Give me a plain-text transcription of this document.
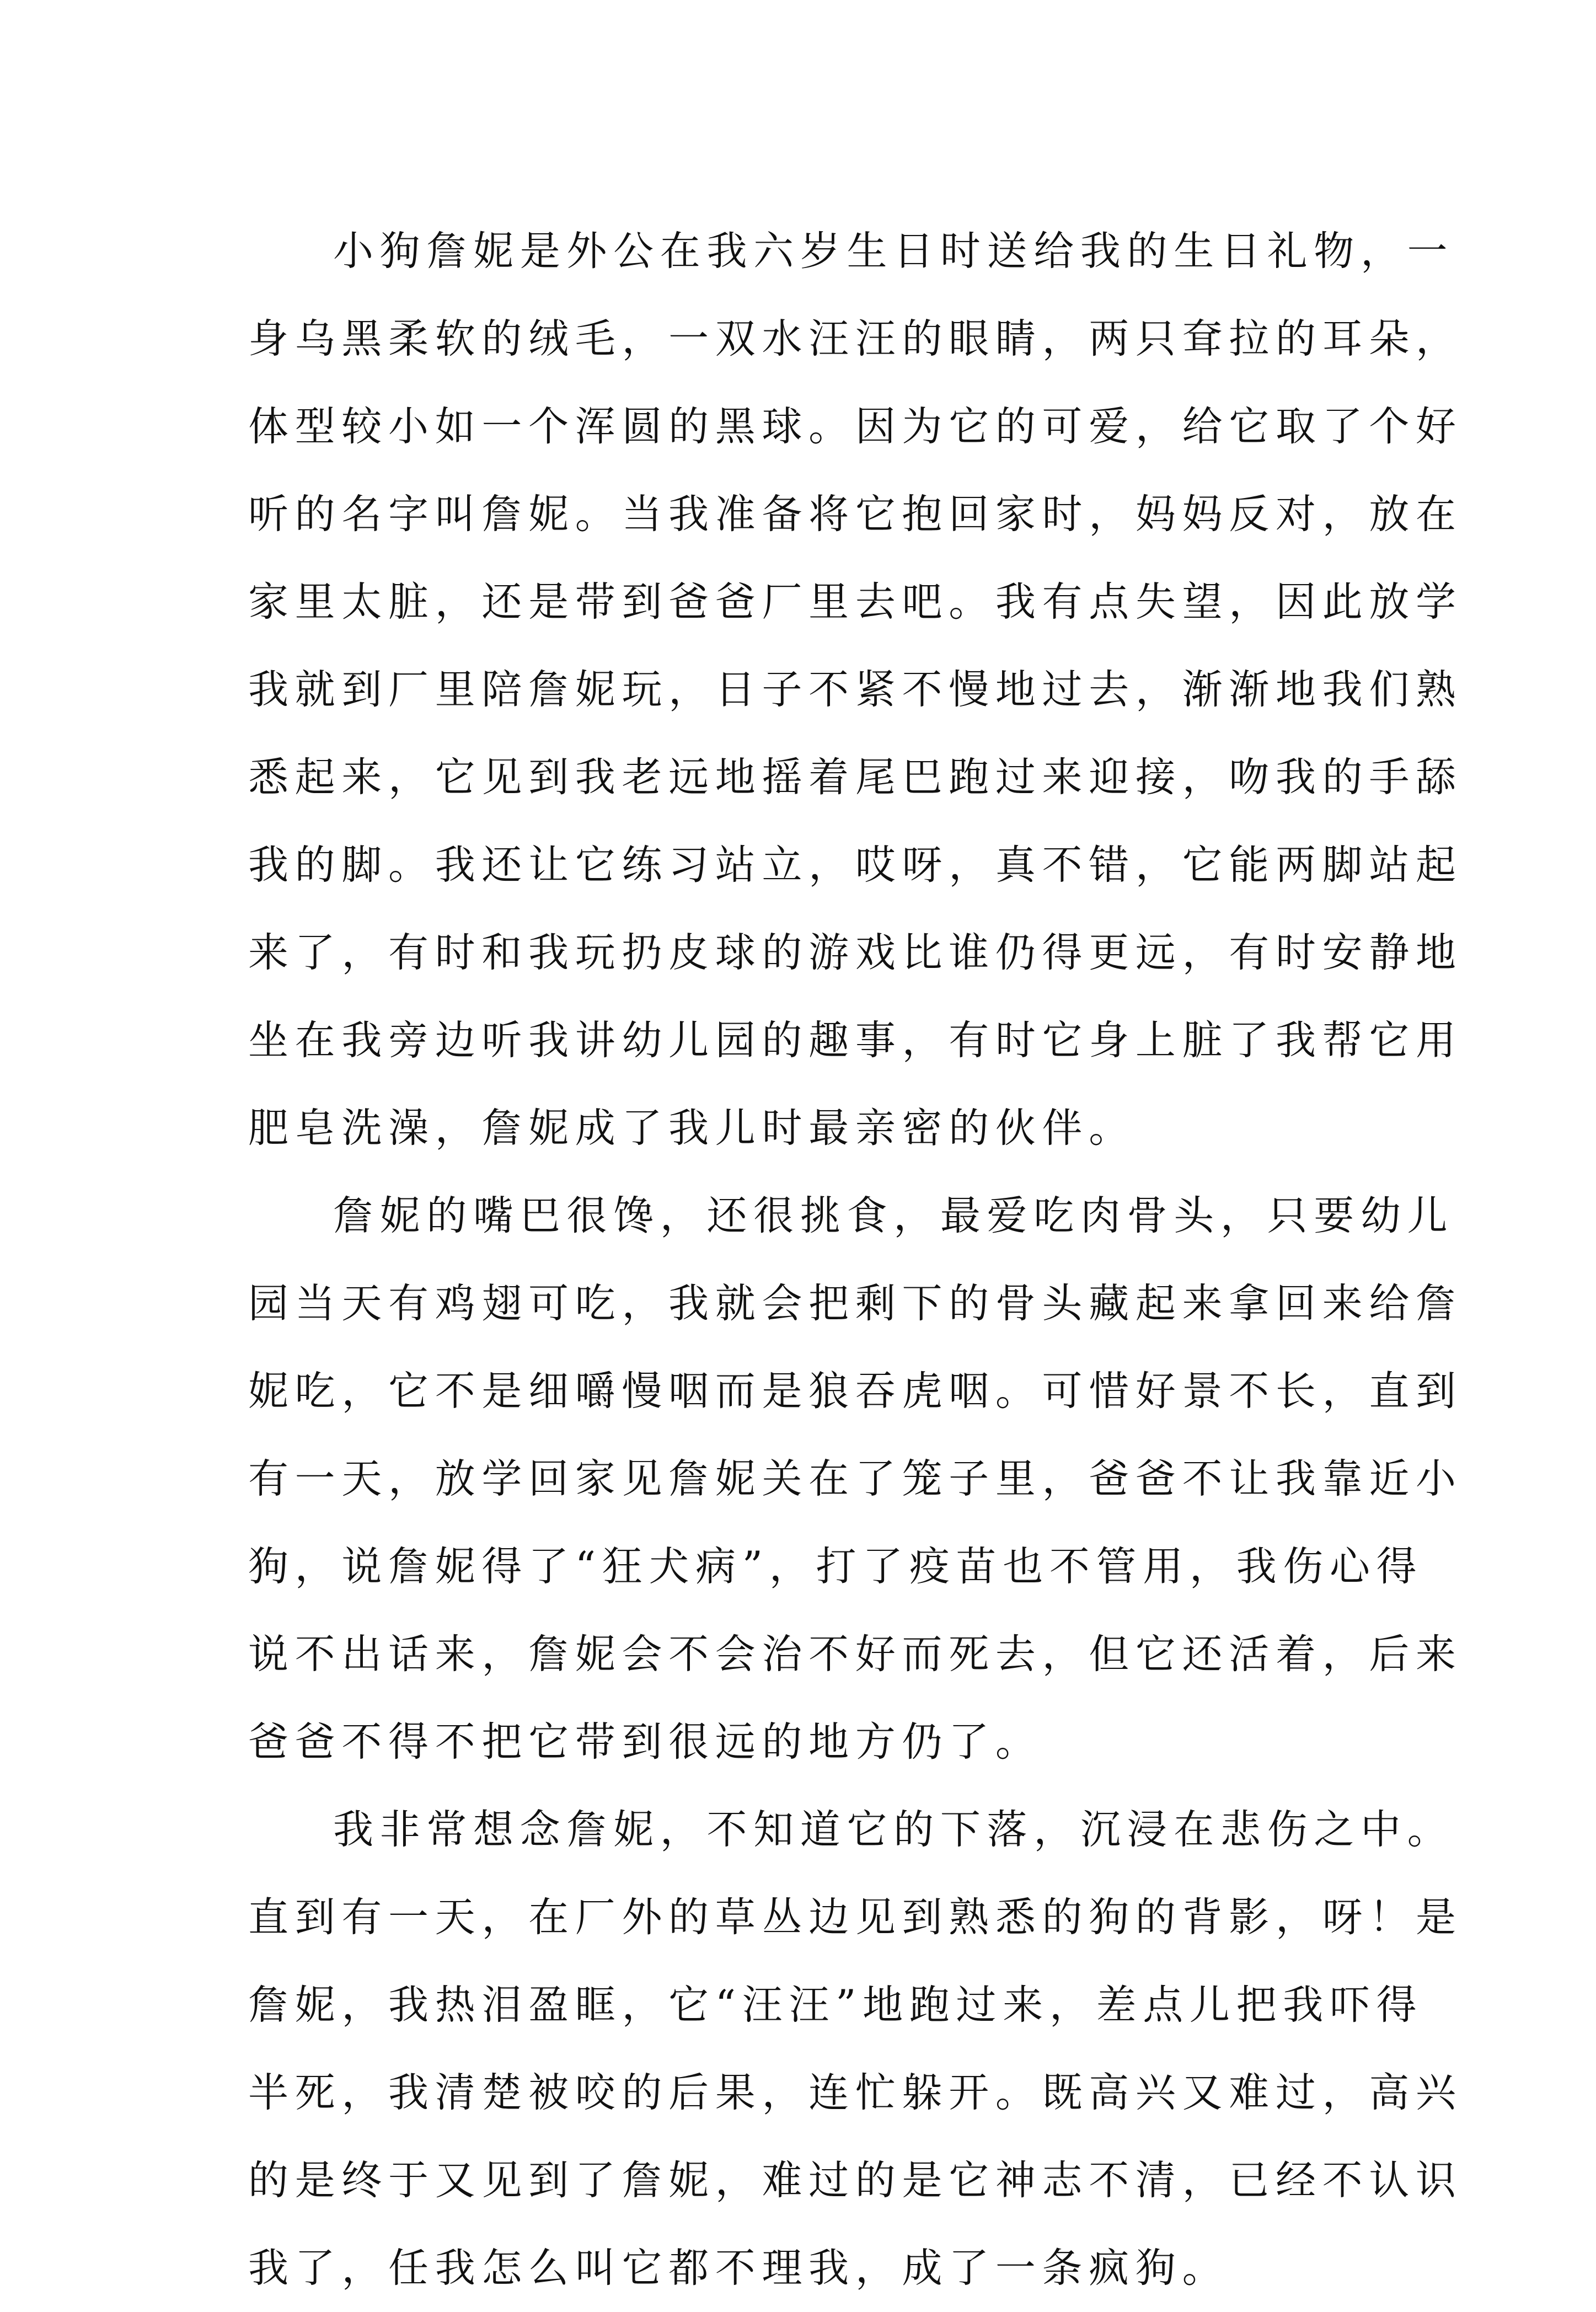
小狗詹妮是外公在我六岁生日时送给我的生日礼物，一
身乌黑柔软的绒毛，一双水汪汪的眼睛，两只耷拉的耳朵，
体型较小如一个浑圆的黑球。因为它的可爱，给它取了个好
听的名字叫詹妮。当我准备将它抱回家时，妈妈反对，放在
家里太脏，还是带到爸爸厂里去吧。我有点失望，因此放学
我就到厂里陪詹妮玩，日子不紧不慢地过去，渐渐地我们熟
悉起来，它见到我老远地摇着尾巴跑过来迎接，吻我的手舔
我的脚。我还让它练习站立，哎呀，真不错，它能两脚站起
来了，有时和我玩扔皮球的游戏比谁仍得更远，有时安静地
坐在我旁边听我讲幼儿园的趣事，有时它身上脏了我帮它用
肥皂洗澡，詹妮成了我儿时最亲密的伙伴。
詹妮的嘴巴很馋，还很挑食，最爱吃肉骨头，只要幼儿
园当天有鸡翅可吃，我就会把剩下的骨头藏起来拿回来给詹
妮吃，它不是细嚼慢咽而是狼吞虎咽。可惜好景不长，直到
有一天，放学回家见詹妮关在了笼子里，爸爸不让我靠近小
狗，说詹妮得了“狂犬病”，打了疫苗也不管用，我伤心得
说不出话来，詹妮会不会治不好而死去，但它还活着，后来
爸爸不得不把它带到很远的地方仍了。
我非常想念詹妮，不知道它的下落，沉浸在悲伤之中。
直到有一天，在厂外的草丛边见到熟悉的狗的背影，呀！是
詹妮，我热泪盈眶，它“汪汪”地跑过来，差点儿把我吓得
半死，我清楚被咬的后果，连忙躲开。既高兴又难过，高兴
的是终于又见到了詹妮，难过的是它神志不清，已经不认识
我了，任我怎么叫它都不理我，成了一条疯狗。
